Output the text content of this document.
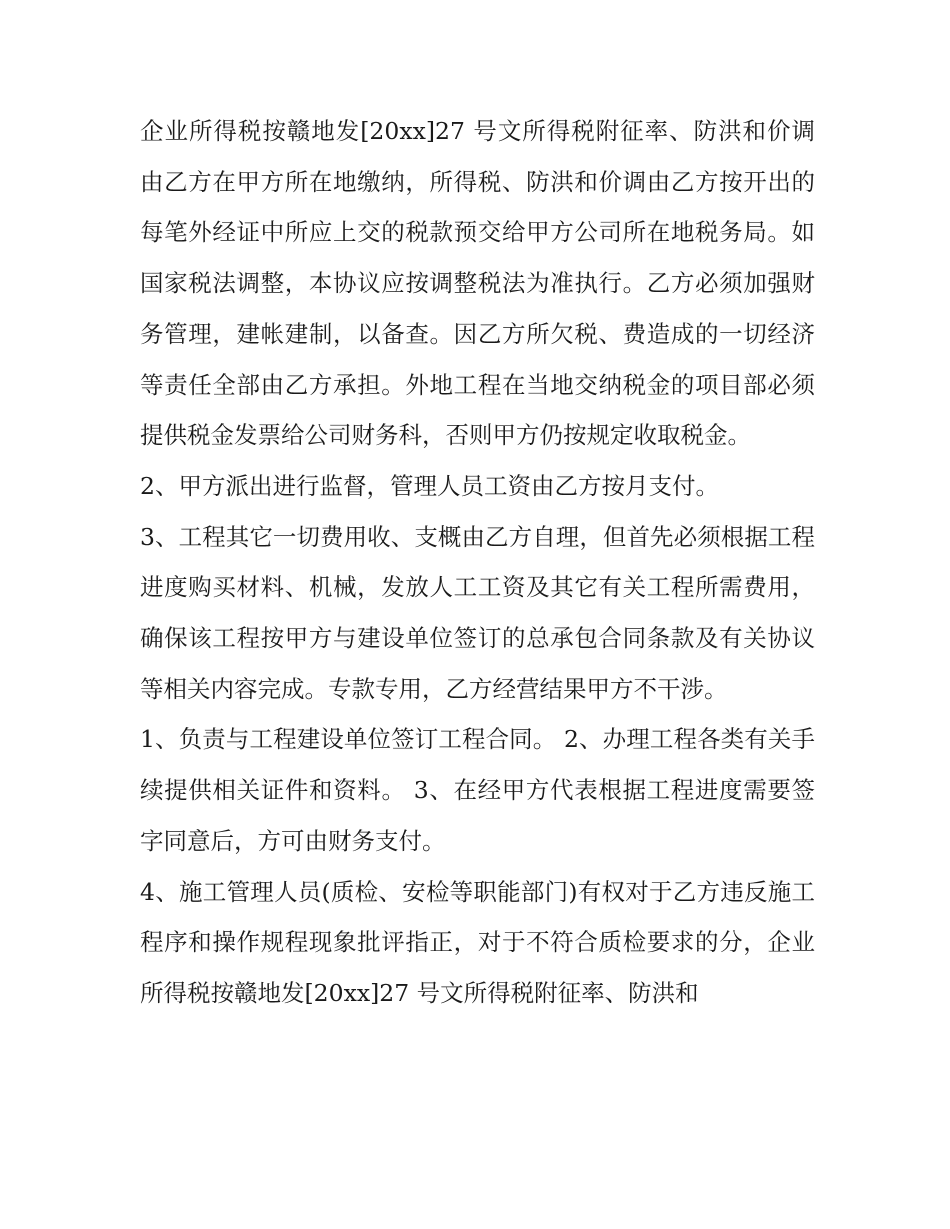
企业所得税按赣地发[20xx]27 号文所得税附征率、防洪和价调由乙方在甲方所在地缴纳，所得税、防洪和价调由乙方按开出的每笔外经证中所应上交的税款预交给甲方公司所在地税务局。如国家税法调整，本协议应按调整税法为准执行。乙方必须加强财务管理，建帐建制，以备查。因乙方所欠税、费造成的一切经济等责任全部由乙方承担。外地工程在当地交纳税金的项目部必须提供税金发票给公司财务科，否则甲方仍按规定收取税金。

2、甲方派出进行监督，管理人员工资由乙方按月支付。

3、工程其它一切费用收、支概由乙方自理，但首先必须根据工程进度购买材料、机械，发放人工工资及其它有关工程所需费用，确保该工程按甲方与建设单位签订的总承包合同条款及有关协议等相关内容完成。专款专用，乙方经营结果甲方不干涉。

1、负责与工程建设单位签订工程合同。 2、办理工程各类有关手续提供相关证件和资料。 3、在经甲方代表根据工程进度需要签字同意后，方可由财务支付。

4、施工管理人员(质检、安检等职能部门)有权对于乙方违反施工程序和操作规程现象批评指正，对于不符合质检要求的分，企业所得税按赣地发[20xx]27 号文所得税附征率、防洪和
